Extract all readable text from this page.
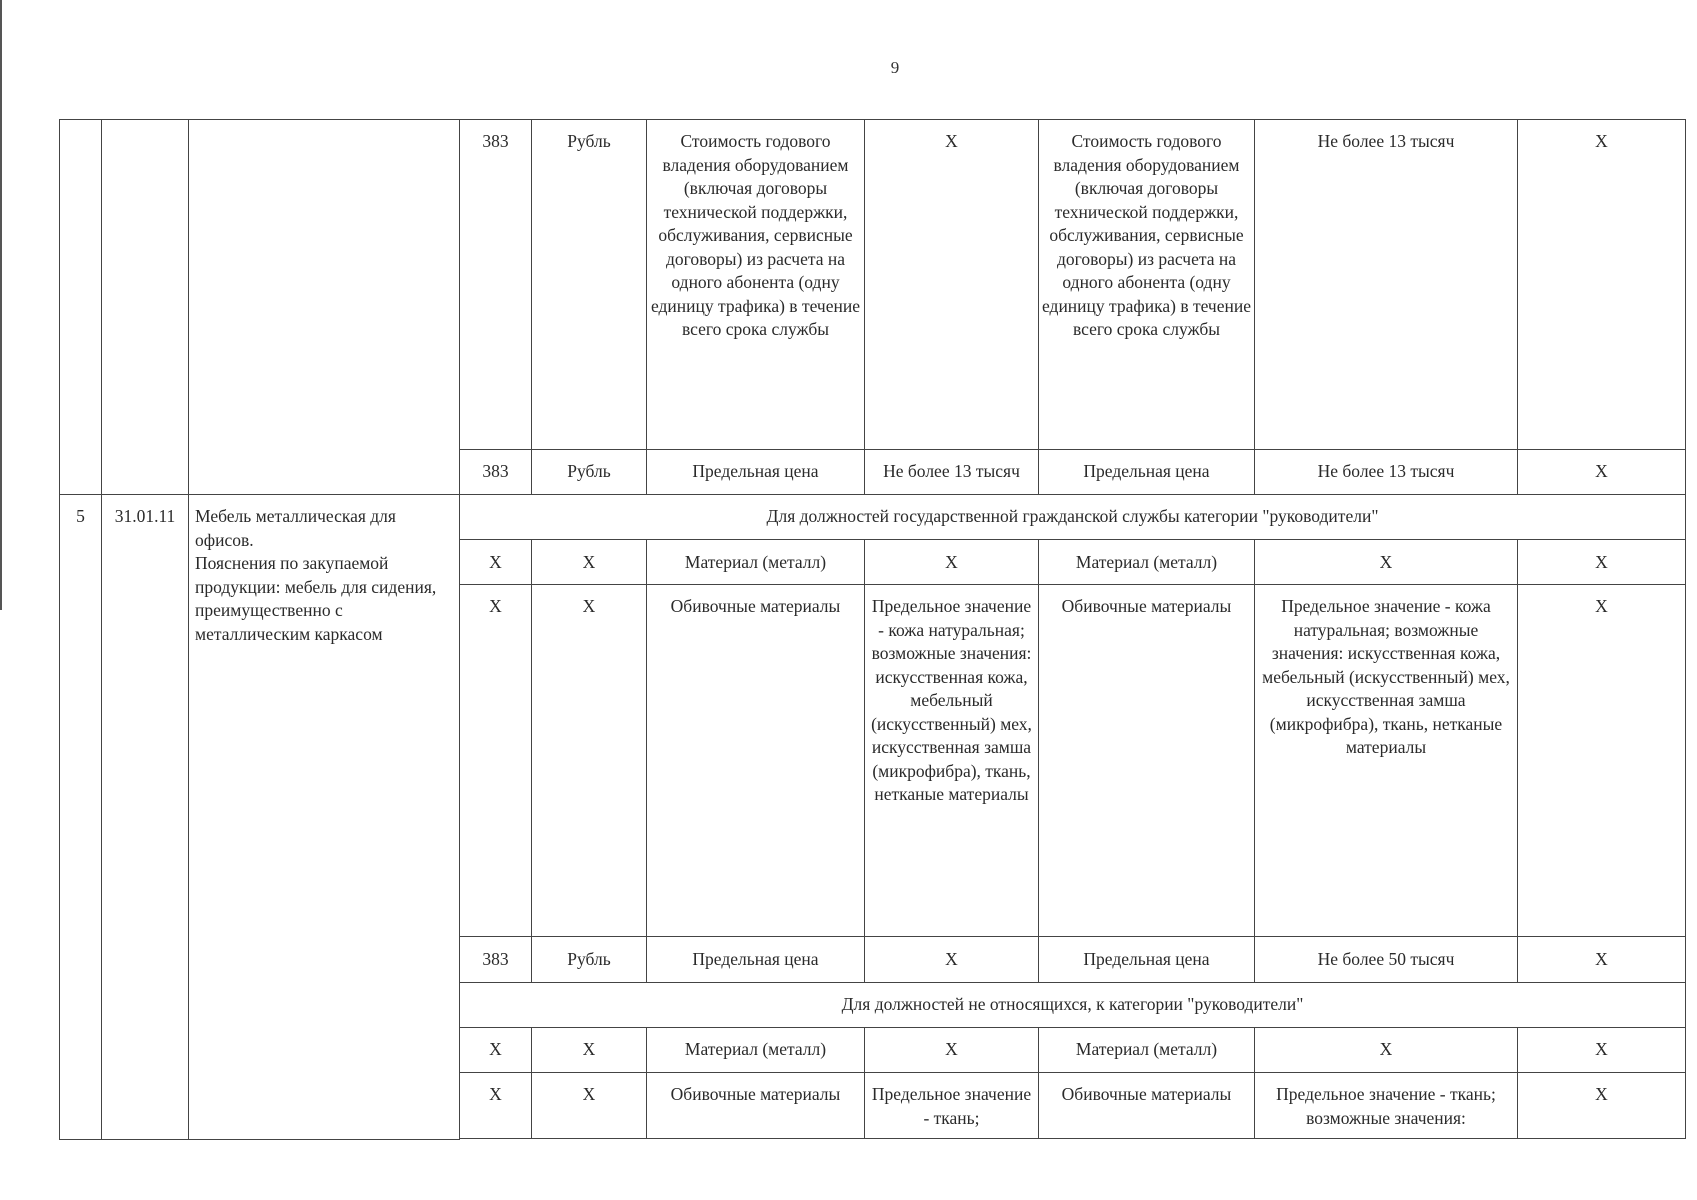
9
			383	Рубль	Стоимость годового владения оборудованием (включая договоры технической поддержки, обслуживания, сервисные договоры) из расчета на одного абонента (одну единицу трафика) в течение всего срока службы	X	Стоимость годового владения оборудованием (включая договоры технической поддержки, обслуживания, сервисные договоры) из расчета на одного абонента (одну единицу трафика) в течение всего срока службы	Не более 13 тысяч	X
			383	Рубль	Предельная цена	Не более 13 тысяч	Предельная цена	Не более 13 тысяч	X
5	31.01.11	Мебель металлическая для офисов.
Пояснения по закупаемой продукции: мебель для сидения, преимущественно с металлическим каркасом	Для должностей государственной гражданской службы категории "руководители"						
			X	X	Материал (металл)	X	Материал (металл)	X	X
			X	X	Обивочные материалы	Предельное значение - кожа натуральная; возможные значения: искусственная кожа, мебельный (искусственный) мех, искусственная замша (микрофибра), ткань, нетканые материалы	Обивочные материалы	Предельное значение - кожа натуральная; возможные значения: искусственная кожа, мебельный (искусственный) мех, искусственная замша (микрофибра), ткань, нетканые материалы	X
			383	Рубль	Предельная цена	X	Предельная цена	Не более 50 тысяч	X
			Для должностей не относящихся, к категории "руководители"						
			X	X	Материал (металл)	X	Материал (металл)	X	X
			X	X	Обивочные материалы	Предельное значение - ткань;	Обивочные материалы	Предельное значение - ткань; возможные значения:	X
